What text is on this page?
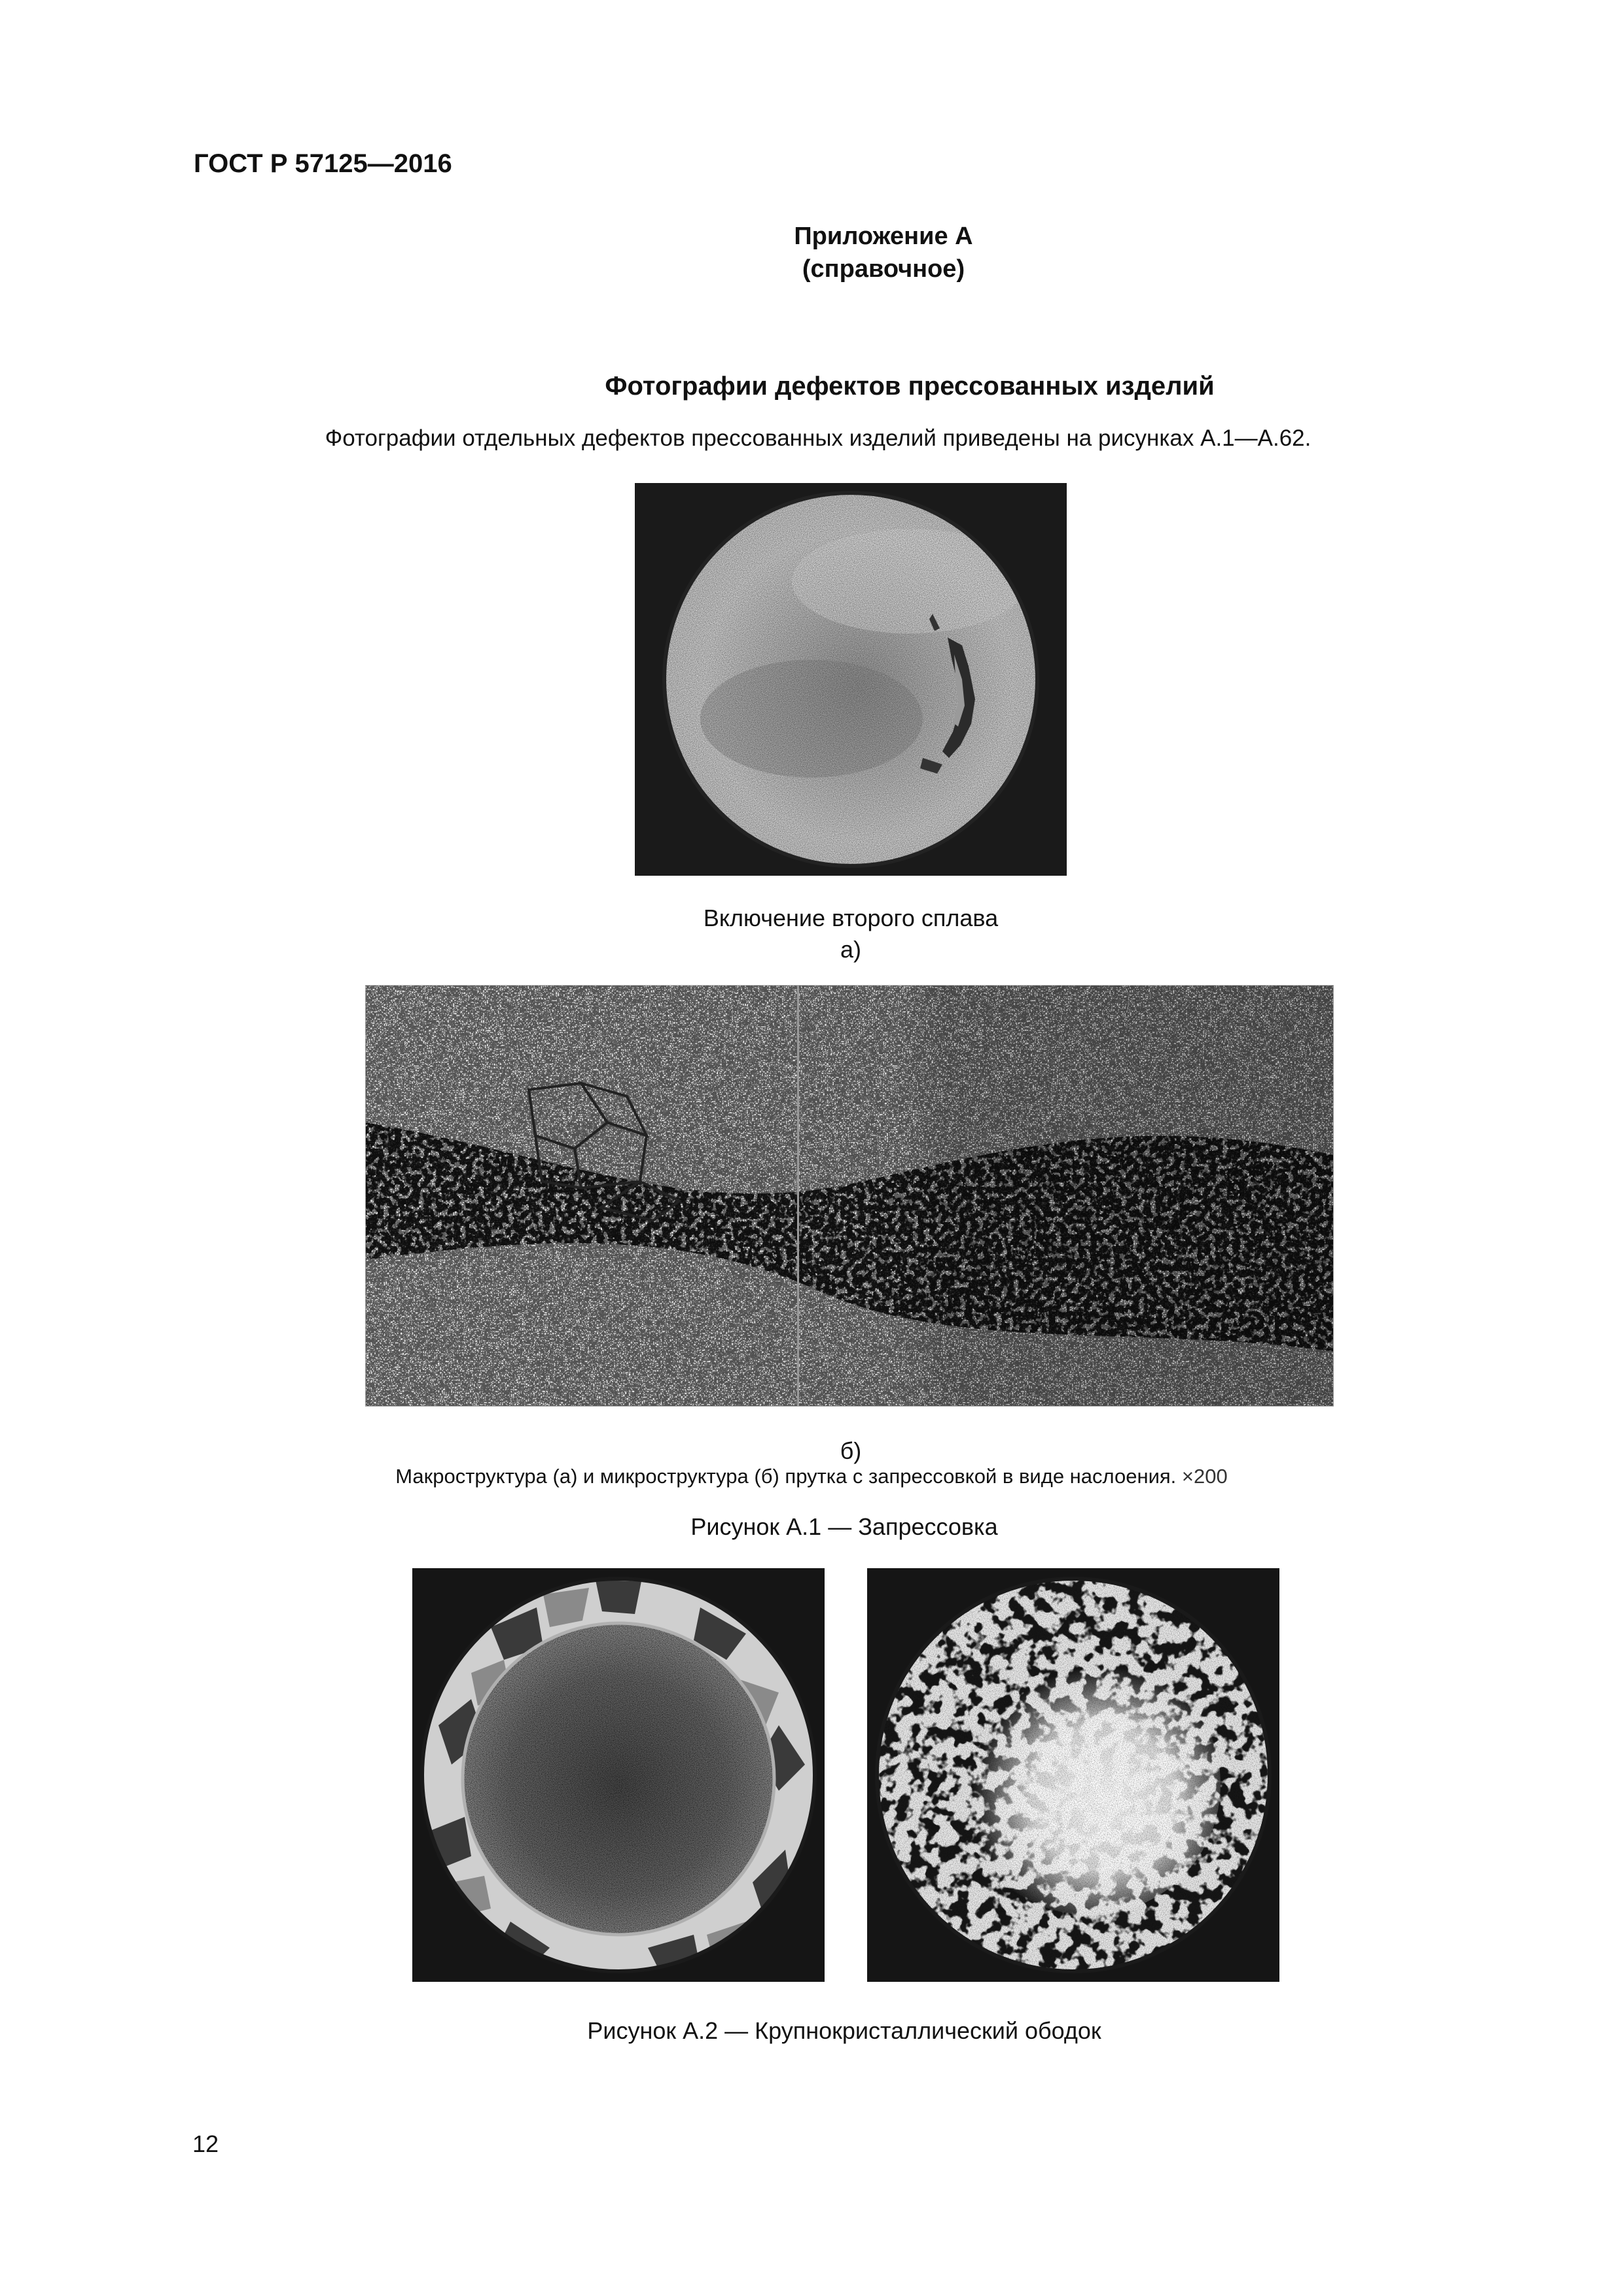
ГОСТ Р 57125—2016
Приложение А
(справочное)
Фотографии дефектов прессованных изделий
Фотографии отдельных дефектов прессованных изделий приведены на рисунках А.1—А.62.
Включение второго сплава
а)
б)
Макроструктура (а) и микроструктура (б) прутка с запрессовкой в виде наслоения. ×200
Рисунок А.1 — Запрессовка
Рисунок А.2 — Крупнокристаллический ободок
12
